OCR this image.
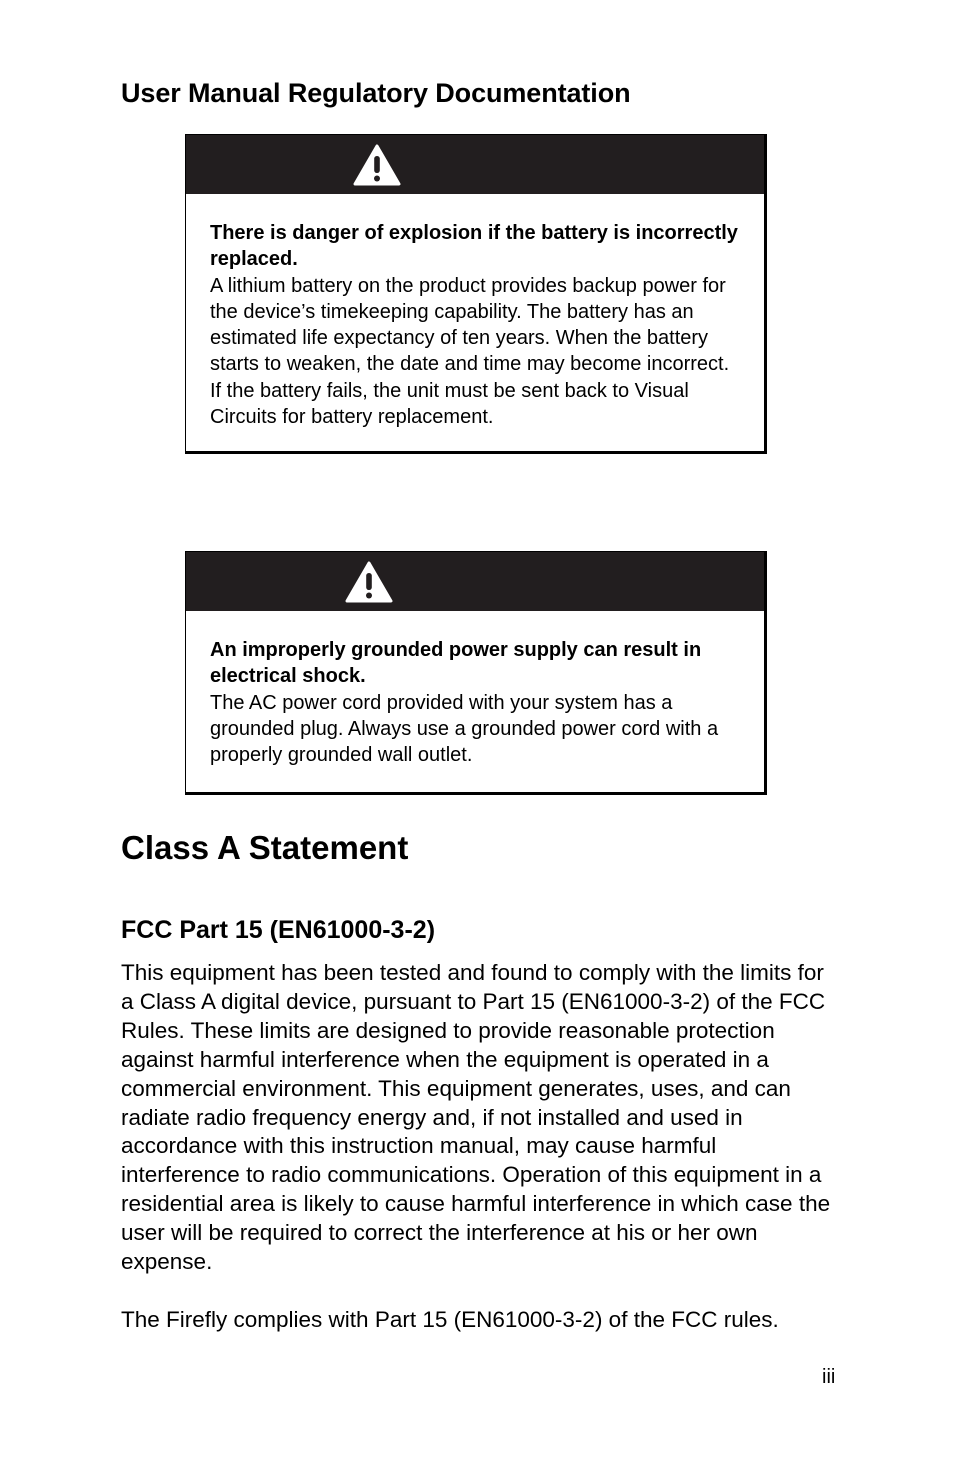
User Manual Regulatory Documentation
There is danger of explosion if the battery is incorrectly replaced.
A lithium battery on the product provides backup power for the device’s timekeeping capability. The battery has an estimated life expectancy of ten years. When the battery starts to weaken, the date and time may become incorrect. If the battery fails, the unit must be sent back to Visual Circuits for battery replacement.
An improperly grounded power supply can result in electrical shock.
The AC power cord provided with your system has a grounded plug. Always use a grounded power cord with a properly grounded wall outlet.
Class A Statement
FCC Part 15 (EN61000-3-2)

This equipment has been tested and found to comply with the limits for a Class A digital device, pursuant to Part 15 (EN61000-3-2) of the FCC Rules. These limits are designed to provide reasonable protection against harmful interference when the equipment is operated in a commercial environment. This equipment generates, uses, and can radiate radio frequency energy and, if not installed and used in accordance with this instruction manual, may cause harmful interference to radio communications. Operation of this equipment in a residential area is likely to cause harmful interference in which case the user will be required to correct the interference at his or her own expense.

The Firefly complies with Part 15 (EN61000-3-2) of the FCC rules.

iii
